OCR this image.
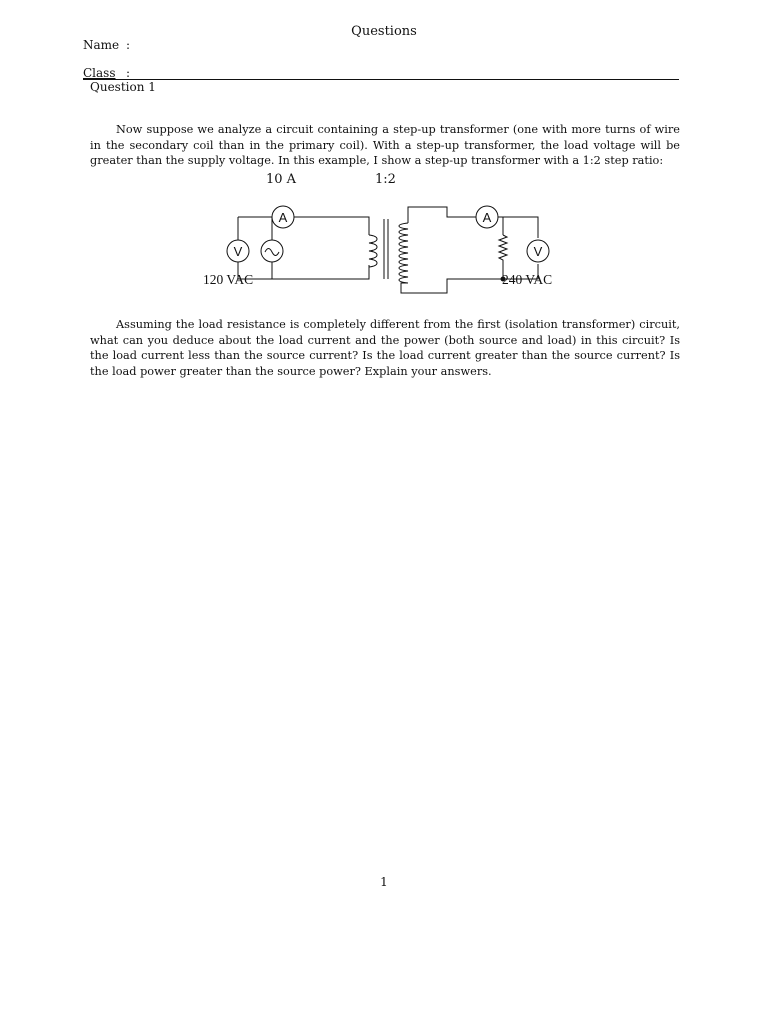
Questions
Name :
Class :
Question 1
Now suppose we analyze a circuit containing a step-up transformer (one with more turns of wire in the secondary coil than in the primary coil). With a step-up transformer, the load voltage will be greater than the supply voltage. In this example, I show a step-up transformer with a 1:2 step ratio:
10 A	1:2
A
V
A
V
120 VAC	240 VAC
Assuming the load resistance is completely different from the first (isolation transformer) circuit, what can you deduce about the load current and the power (both source and load) in this circuit? Is the load current less than the source current? Is the load current greater than the source current? Is the load power greater than the source power? Explain your answers.
1
